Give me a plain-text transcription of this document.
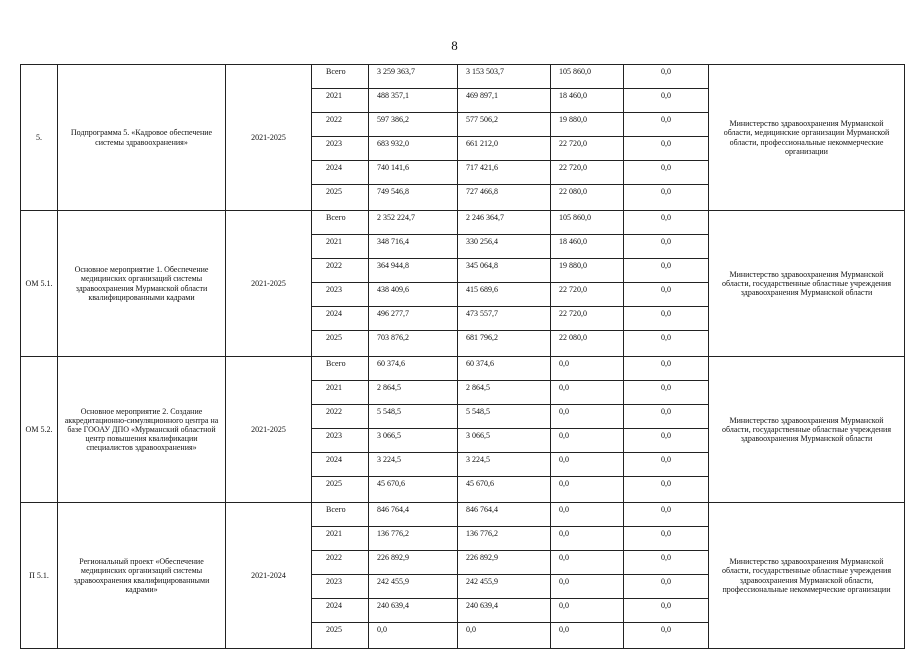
8
5.	Подпрограмма 5. «Кадровое обеспечение системы здравоохранения»	2021-2025	Всего	3 259 363,7	3 153 503,7	105 860,0	0,0	Министерство здравоохранения Мурманской области, медицинские организации Мурманской области, профессиональные некоммерческие организации
			2021	488 357,1	469 897,1	18 460,0	0,0	
			2022	597 386,2	577 506,2	19 880,0	0,0	
			2023	683 932,0	661 212,0	22 720,0	0,0	
			2024	740 141,6	717 421,6	22 720,0	0,0	
			2025	749 546,8	727 466,8	22 080,0	0,0	
ОМ 5.1.	Основное мероприятие 1. Обеспечение медицинских организаций системы здравоохранения Мурманской области квалифицированными кадрами	2021-2025	Всего	2 352 224,7	2 246 364,7	105 860,0	0,0	Министерство здравоохранения Мурманской области, государственные областные учреждения здравоохранения Мурманской области
			2021	348 716,4	330 256,4	18 460,0	0,0	
			2022	364 944,8	345 064,8	19 880,0	0,0	
			2023	438 409,6	415 689,6	22 720,0	0,0	
			2024	496 277,7	473 557,7	22 720,0	0,0	
			2025	703 876,2	681 796,2	22 080,0	0,0	
ОМ 5.2.	Основное мероприятие 2. Создание аккредитационно-симуляционного центра на базе ГООАУ ДПО «Мурманский областной центр повышения квалификации специалистов здравоохранения»	2021-2025	Всего	60 374,6	60 374,6	0,0	0,0	Министерство здравоохранения Мурманской области, государственные областные учреждения здравоохранения Мурманской области
			2021	2 864,5	2 864,5	0,0	0,0	
			2022	5 548,5	5 548,5	0,0	0,0	
			2023	3 066,5	3 066,5	0,0	0,0	
			2024	3 224,5	3 224,5	0,0	0,0	
			2025	45 670,6	45 670,6	0,0	0,0	
П 5.1.	Региональный проект «Обеспечение медицинских организаций системы здравоохранения квалифицированными кадрами»	2021-2024	Всего	846 764,4	846 764,4	0,0	0,0	Министерство здравоохранения Мурманской области, государственные областные учреждения здравоохранения Мурманской области, профессиональные некоммерческие организации
			2021	136 776,2	136 776,2	0,0	0,0	
			2022	226 892,9	226 892,9	0,0	0,0	
			2023	242 455,9	242 455,9	0,0	0,0	
			2024	240 639,4	240 639,4	0,0	0,0	
			2025	0,0	0,0	0,0	0,0	
